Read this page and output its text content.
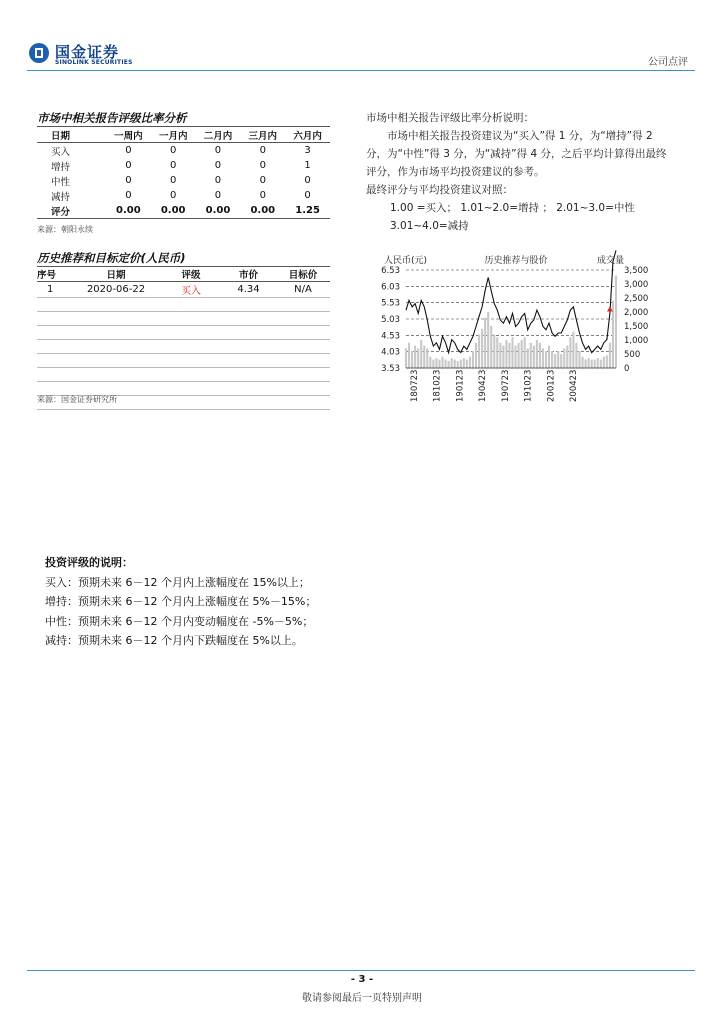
国金证券
SINOLINK SECURITIES	公司点评
市场中相关报告评级比率分析
日期	一周内	一月内	二月内	三月内	六月内
买入	0	0	0	0	3
增持	0	0	0	0	1
中性	0	0	0	0	0
减持	0	0	0	0	0
评分	0.00	0.00	0.00	0.00	1.25
来源：朝阳永续

市场中相关报告评级比率分析说明：

市场中相关报告投资建议为“买入”得 1 分，为“增持”得 2 分，为“中性”得 3 分，为“减持”得 4 分，之后平均计算得出最终评分，作为市场平均投资建议的参考。

最终评分与平均投资建议对照：

1.00 =买入； 1.01~2.0=增持 ； 2.01~3.0=中性

3.01~4.0=减持

历史推荐和目标定价(人民币)
序号	日期	评级	市价	目标价
1	2020-06-22	买入	4.34	N/A

来源：国金证券研究所
人民币(元)	历史推荐与股价	成交量
6.53
6.03
5.53
5.03
4.53
4.03
3.53
3,500
3,000
2,500
2,000
1,500
1,000
500
0
180723 181023 190123 190423 190723 191023 200123 200423
投资评级的说明：
买入：预期未来 6－12 个月内上涨幅度在 15%以上；
增持：预期未来 6－12 个月内上涨幅度在 5%－15%；
中性：预期未来 6－12 个月内变动幅度在 -5%－5%；
减持：预期未来 6－12 个月内下跌幅度在 5%以上。
- 3 -
敬请参阅最后一页特别声明
